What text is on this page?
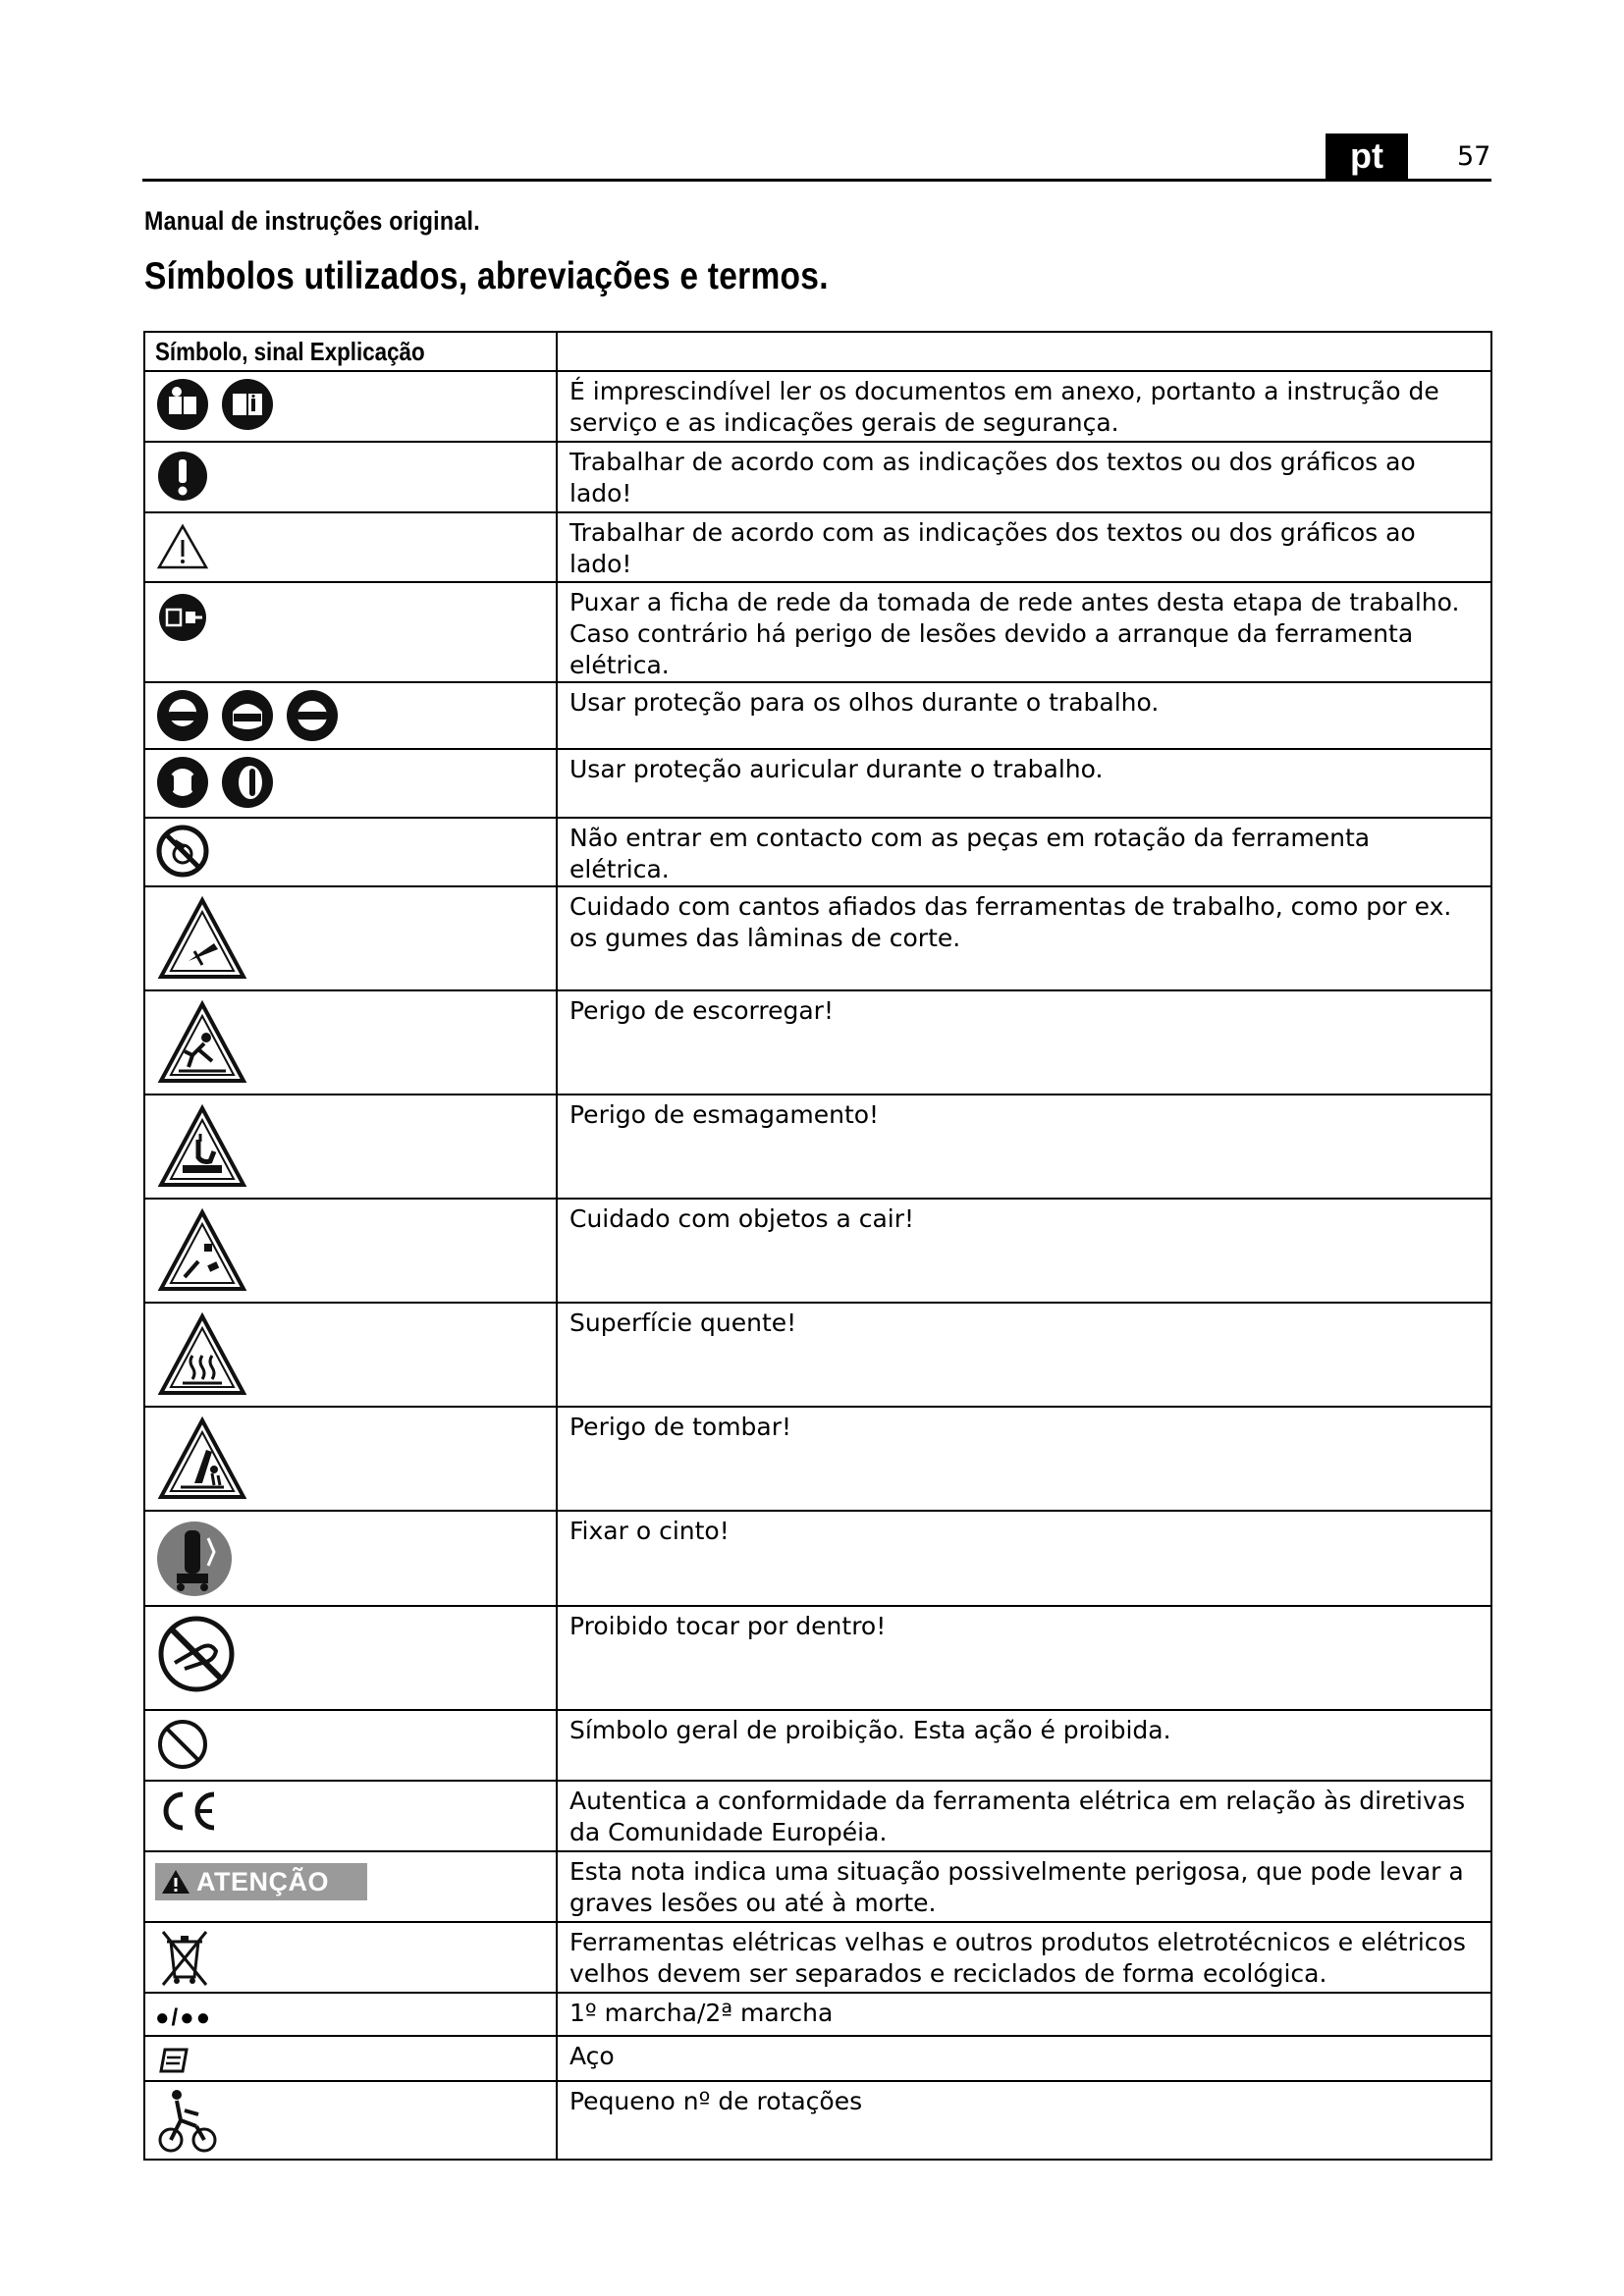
pt	57
Manual de instruções original.
Símbolos utilizados, abreviações e termos.
Símbolo, sinal Explicação	

	É imprescindível ler os documentos em anexo, portanto a instrução de serviço e as indicações gerais de segurança.

	Trabalhar de acordo com as indicações dos textos ou dos gráficos ao lado!

	Trabalhar de acordo com as indicações dos textos ou dos gráficos ao lado!

	Puxar a ficha de rede da tomada de rede antes desta etapa de trabalho. Caso contrário há perigo de lesões devido a arranque da ferramenta elétrica.

	Usar proteção para os olhos durante o trabalho.

	Usar proteção auricular durante o trabalho.

	Não entrar em contacto com as peças em rotação da ferramenta elétrica.

	Cuidado com cantos afiados das ferramentas de trabalho, como por ex. os gumes das lâminas de corte.

	Perigo de escorregar!

	Perigo de esmagamento!

	Cuidado com objetos a cair!

	Superfície quente!

	Perigo de tombar!

	Fixar o cinto!

	Proibido tocar por dentro!

	Símbolo geral de proibição. Esta ação é proibida.

	Autentica a conformidade da ferramenta elétrica em relação às diretivas da Comunidade Européia.

ATENÇÃO	Esta nota indica uma situação possivelmente perigosa, que pode levar a graves lesões ou até à morte.

	Ferramentas elétricas velhas e outros produtos eletrotécnicos e elétricos velhos devem ser separados e reciclados de forma ecológica.

●/●●	1º marcha/2ª marcha

	Aço

	Pequeno nº de rotações
